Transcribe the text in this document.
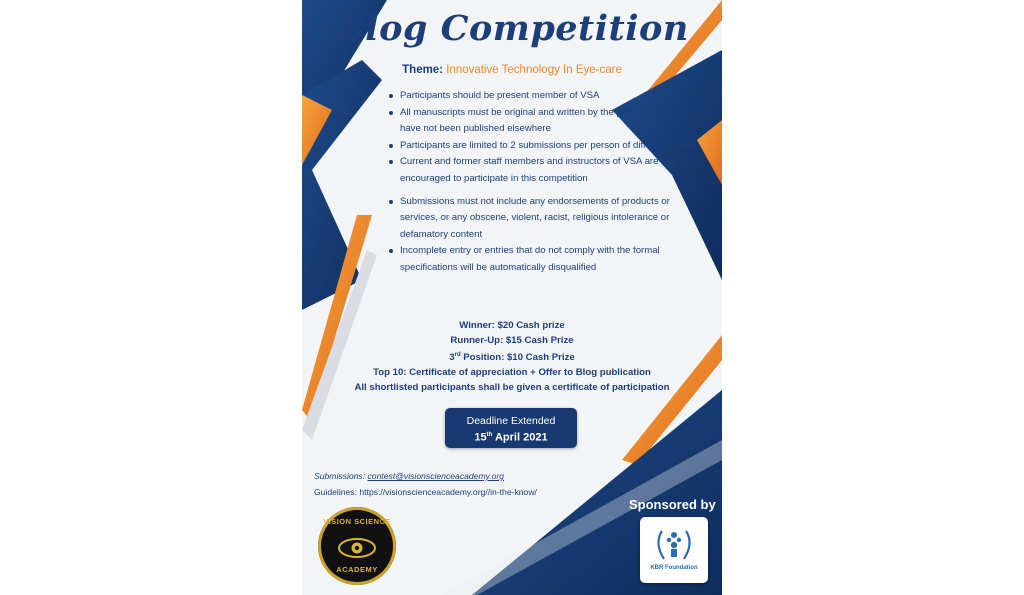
Blog Competition
Theme: Innovative Technology In Eye-care
Participants should be present member of VSA
All manuscripts must be original and written by the participant which have not been published elsewhere
Participants are limited to 2 submissions per person of different topics
Current and former staff members and instructors of VSA are not encouraged to participate in this competition
Submissions must not include any endorsements of products or services, or any obscene, violent, racist, religious intolerance or defamatory content
Incomplete entry or entries that do not comply with the formal specifications will be automatically disqualified
Winner: $20 Cash prize
Runner-Up: $15 Cash Prize
3rd Position: $10 Cash Prize
Top 10: Certificate of appreciation + Offer to Blog publication
All shortlisted participants shall be given a certificate of participation
Deadline Extended
15th April 2021
Submissions: contest@visionscienceacademy.org
Guidelines: https://visionscienceacademy.org//in-the-know/
VISION SCIENCE
ACADEMY
Sponsored by
KBR Foundation
